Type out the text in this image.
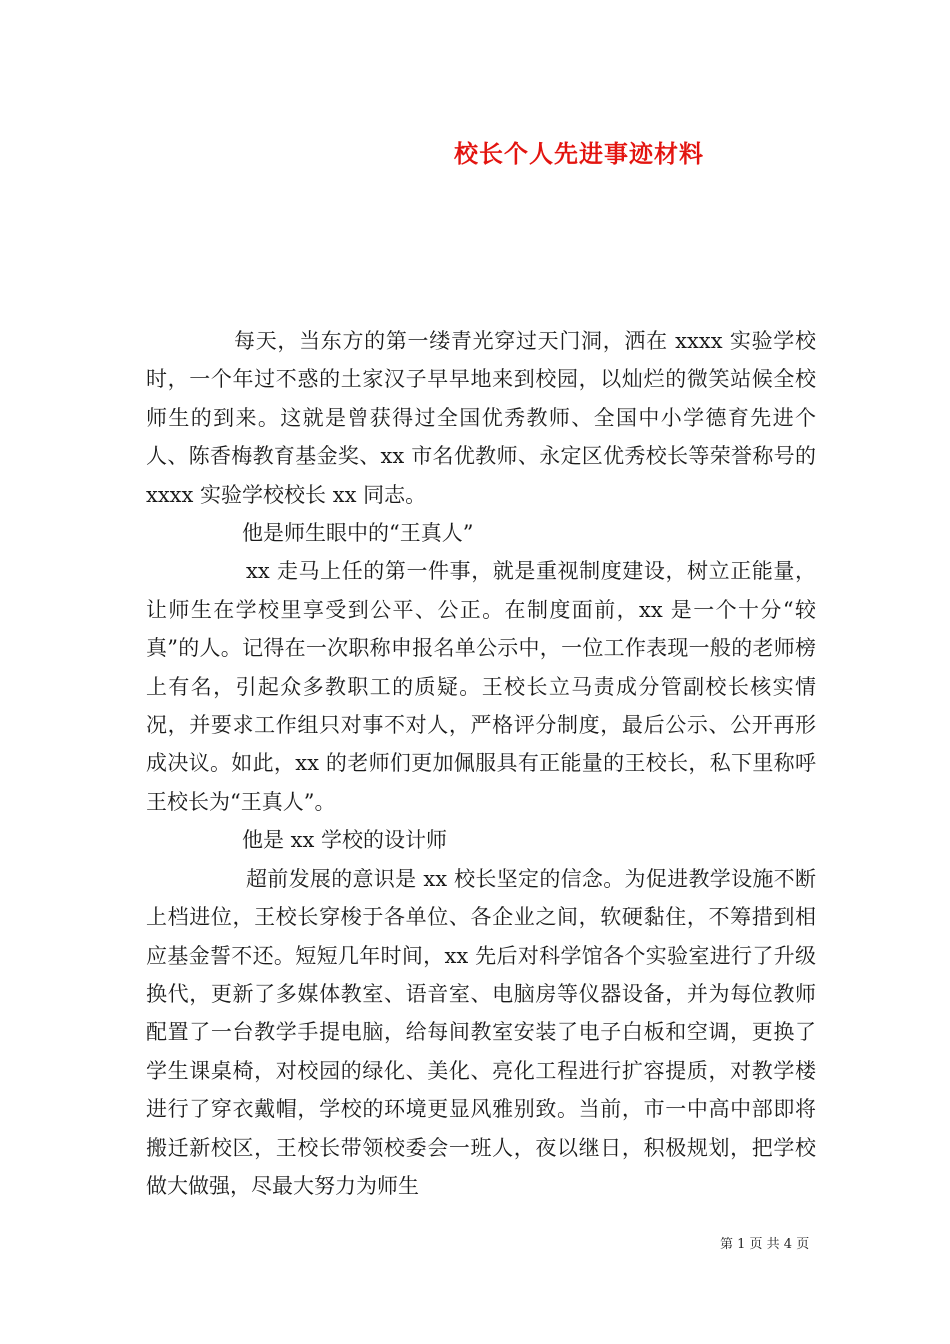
校长个人先进事迹材料

每天，当东方的第一缕青光穿过天门洞，洒在 xxxx 实验学校时，一个年过不惑的土家汉子早早地来到校园，以灿烂的微笑站候全校师生的到来。这就是曾获得过全国优秀教师、全国中小学德育先进个人、陈香梅教育基金奖、xx 市名优教师、永定区优秀校长等荣誉称号的 xxxx 实验学校校长 xx 同志。

他是师生眼中的“王真人”

xx 走马上任的第一件事，就是重视制度建设，树立正能量，让师生在学校里享受到公平、公正。在制度面前，xx 是一个十分“较真”的人。记得在一次职称申报名单公示中，一位工作表现一般的老师榜上有名，引起众多教职工的质疑。王校长立马责成分管副校长核实情况，并要求工作组只对事不对人，严格评分制度，最后公示、公开再形成决议。如此，xx 的老师们更加佩服具有正能量的王校长，私下里称呼王校长为“王真人”。

他是 xx 学校的设计师

超前发展的意识是 xx 校长坚定的信念。为促进教学设施不断上档进位，王校长穿梭于各单位、各企业之间，软硬黏住，不筹措到相应基金誓不还。短短几年时间，xx 先后对科学馆各个实验室进行了升级换代，更新了多媒体教室、语音室、电脑房等仪器设备，并为每位教师配置了一台教学手提电脑，给每间教室安装了电子白板和空调，更换了学生课桌椅，对校园的绿化、美化、亮化工程进行扩容提质，对教学楼进行了穿衣戴帽，学校的环境更显风雅别致。当前，市一中高中部即将搬迁新校区，王校长带领校委会一班人，夜以继日，积极规划，把学校做大做强，尽最大努力为师生

第 1 页 共 4 页
